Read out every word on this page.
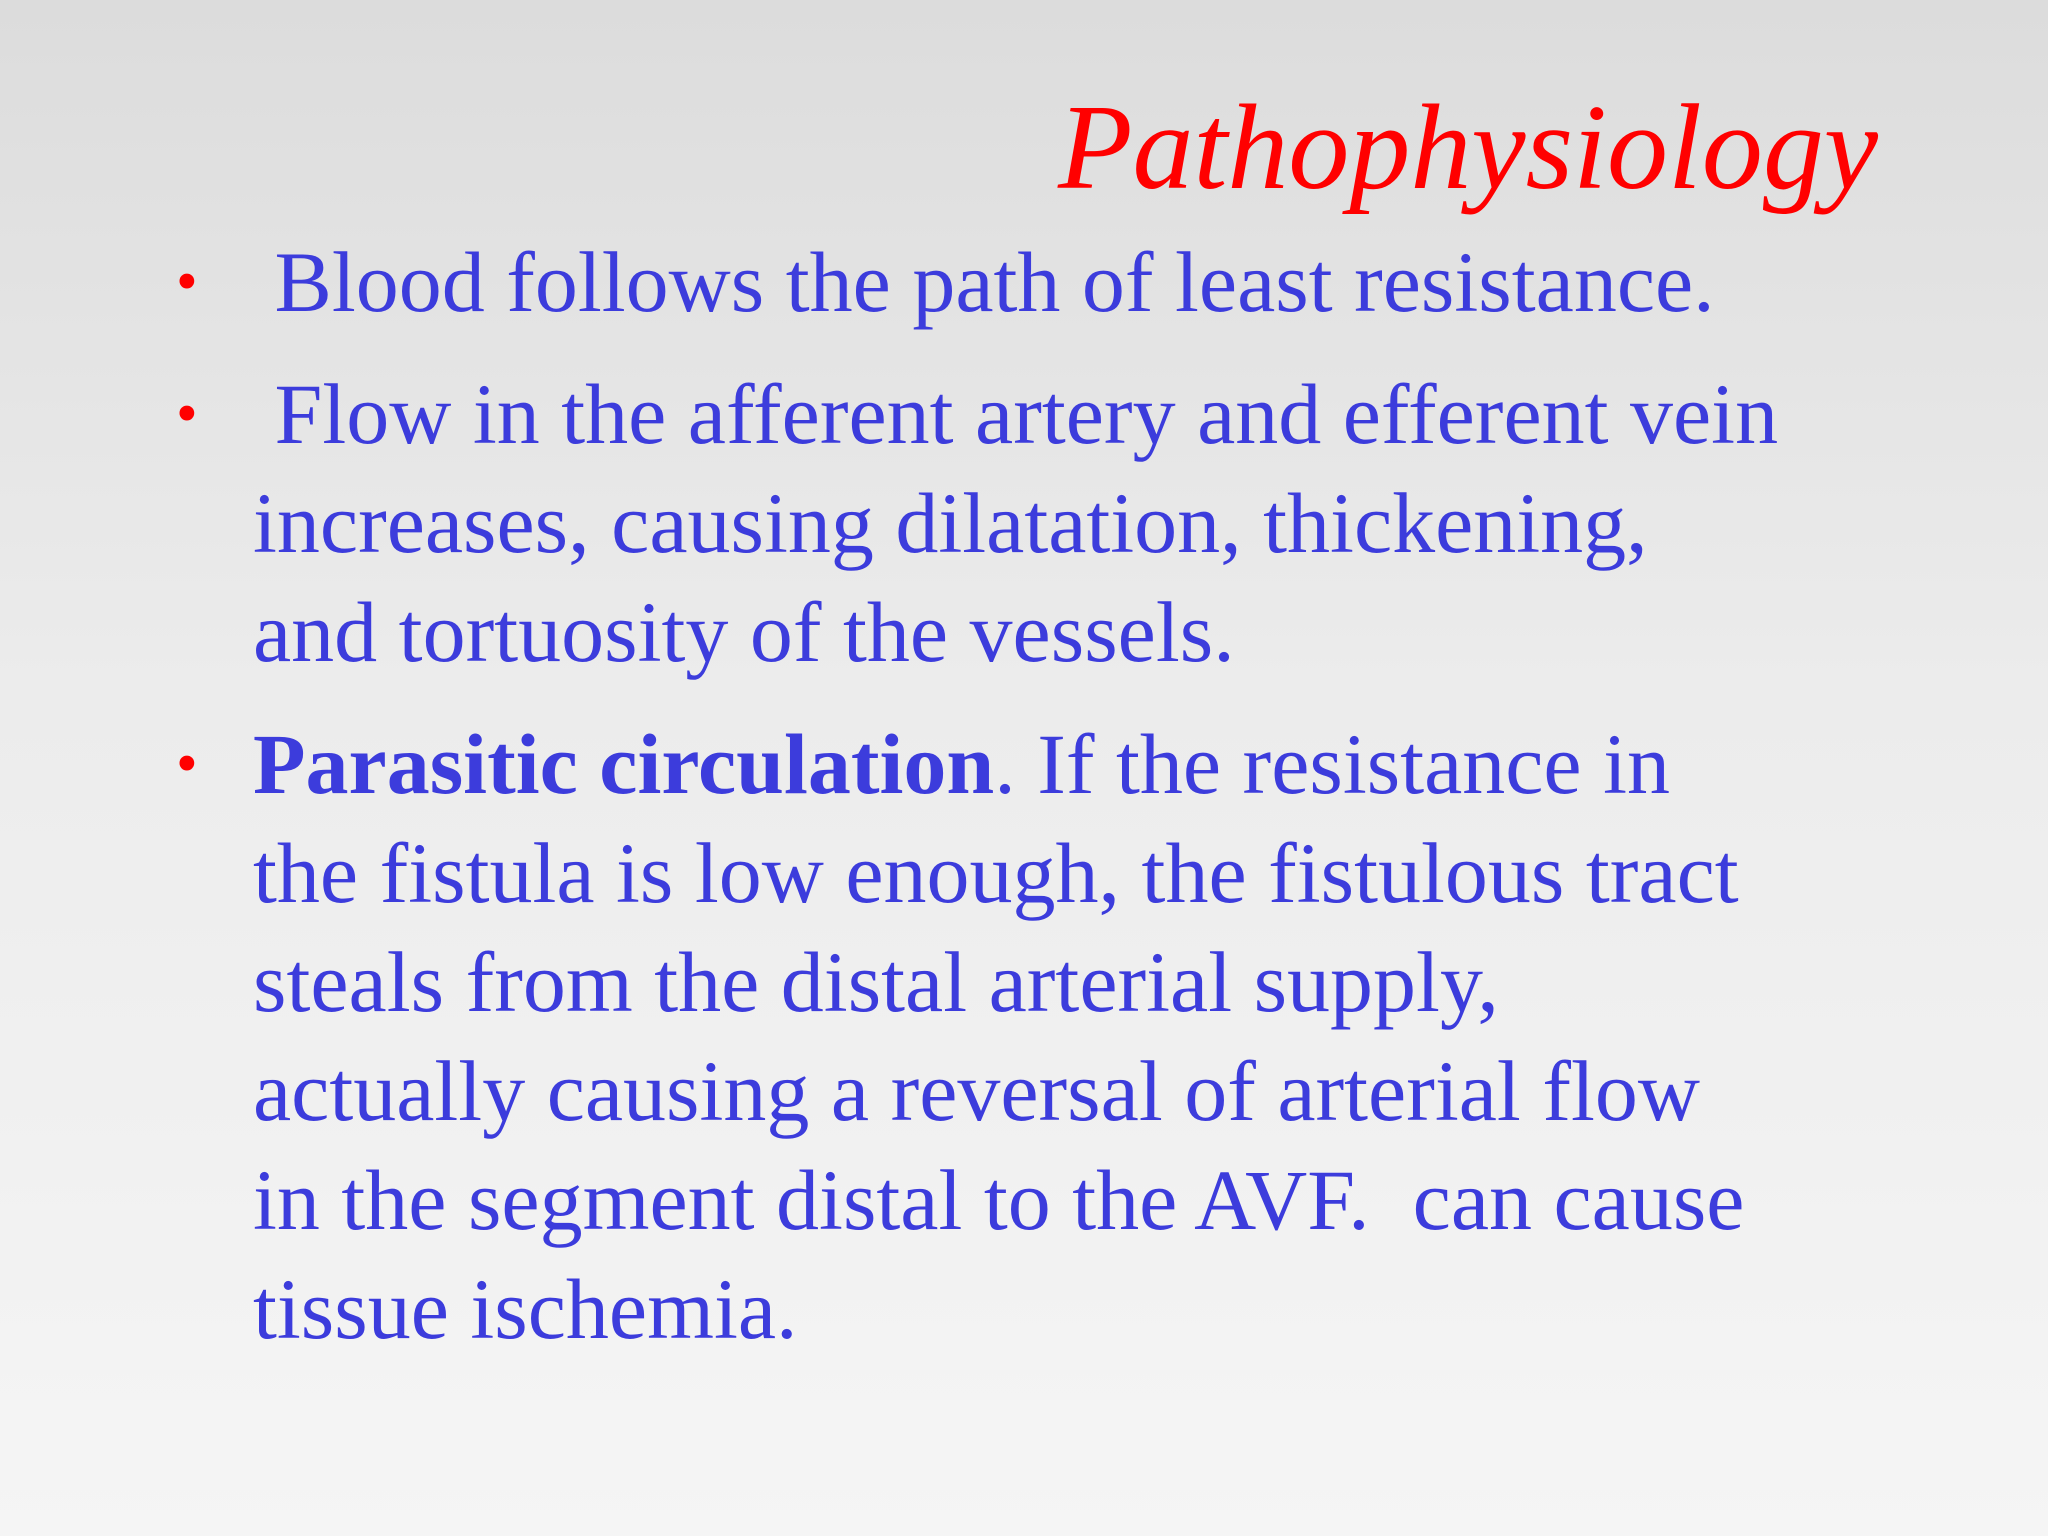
Pathophysiology
• Blood follows the path of least resistance.
• Flow in the afferent artery and efferent vein
increases, causing dilatation, thickening,
and tortuosity of the vessels.
• Parasitic circulation. If the resistance in
the fistula is low enough, the fistulous tract
steals from the distal arterial supply,
actually causing a reversal of arterial flow
in the segment distal to the AVF.  can cause
tissue ischemia.
